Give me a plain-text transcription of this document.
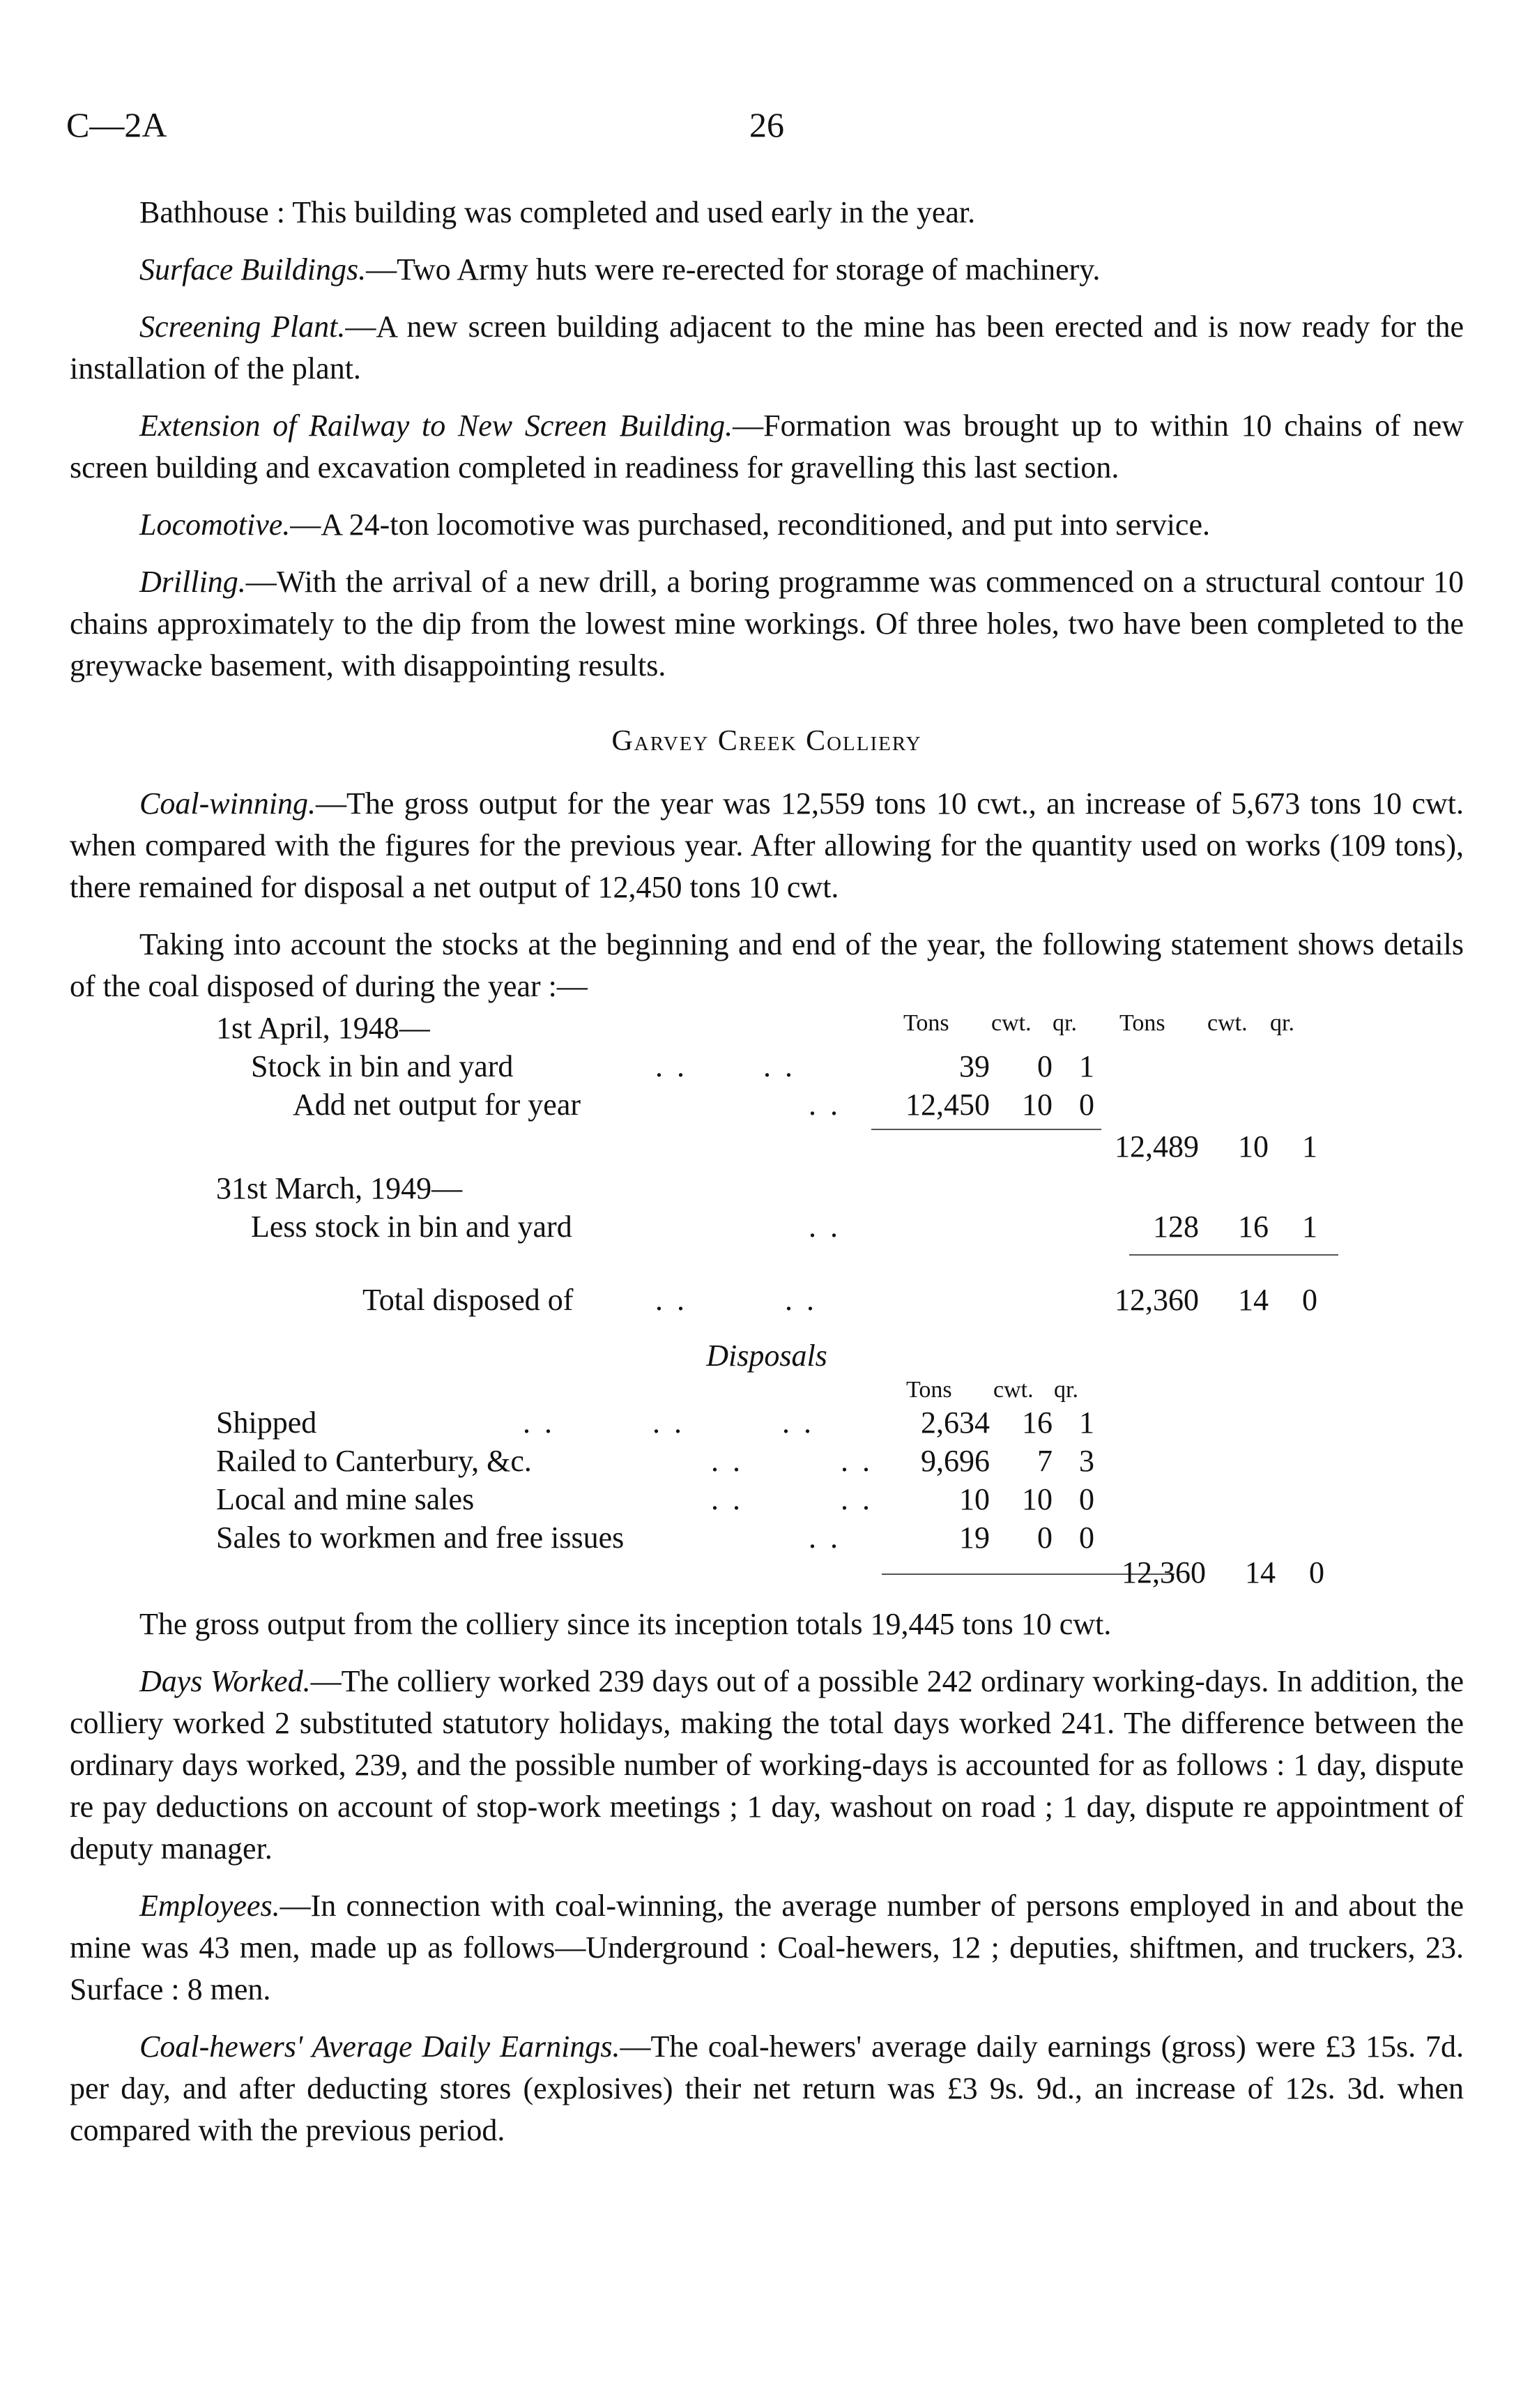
C—2A	26

Bathhouse : This building was completed and used early in the year.

Surface Buildings.—Two Army huts were re-erected for storage of machinery.

Screening Plant.—A new screen building adjacent to the mine has been erected and is now ready for the installation of the plant.

Extension of Railway to New Screen Building.—Formation was brought up to within 10 chains of new screen building and excavation completed in readiness for gravelling this last section.

Locomotive.—A 24-ton locomotive was purchased, reconditioned, and put into service.

Drilling.—With the arrival of a new drill, a boring programme was commenced on a structural contour 10 chains approximately to the dip from the lowest mine workings. Of three holes, two have been completed to the greywacke basement, with disappointing results.

Garvey Creek Colliery

Coal-winning.—The gross output for the year was 12,559 tons 10 cwt., an increase of 5,673 tons 10 cwt. when compared with the figures for the previous year. After allowing for the quantity used on works (109 tons), there remained for disposal a net output of 12,450 tons 10 cwt.

Taking into account the stocks at the beginning and end of the year, the following statement shows details of the coal disposed of during the year :—

Tons cwt. qr. Tons cwt. qr.
1st April, 1948—
Stock in bin and yard	..   ..	39	0 1
Add net output for year	..	12,450	10 0
12,489	10	1
31st March, 1949—
Less stock in bin and yard	..	128	16	1
Total disposed of	..    ..	12,360	14	0
Disposals
Tons cwt. qr.
Shipped	..    ..    ..	2,634	16 1
Railed to Canterbury, &c.	..    ..	9,696	7 3
Local and mine sales	..    ..	10	10 0
Sales to workmen and free issues	..	19	0 0
12,360	14	0

The gross output from the colliery since its inception totals 19,445 tons 10 cwt.

Days Worked.—The colliery worked 239 days out of a possible 242 ordinary working-days. In addition, the colliery worked 2 substituted statutory holidays, making the total days worked 241. The difference between the ordinary days worked, 239, and the possible number of working-days is accounted for as follows : 1 day, dispute re pay deductions on account of stop-work meetings ; 1 day, washout on road ; 1 day, dispute re appointment of deputy manager.

Employees.—In connection with coal-winning, the average number of persons employed in and about the mine was 43 men, made up as follows—Underground : Coal-hewers, 12 ; deputies, shiftmen, and truckers, 23. Surface : 8 men.

Coal-hewers' Average Daily Earnings.—The coal-hewers' average daily earnings (gross) were £3 15s. 7d. per day, and after deducting stores (explosives) their net return was £3 9s. 9d., an increase of 12s. 3d. when compared with the previous period.
